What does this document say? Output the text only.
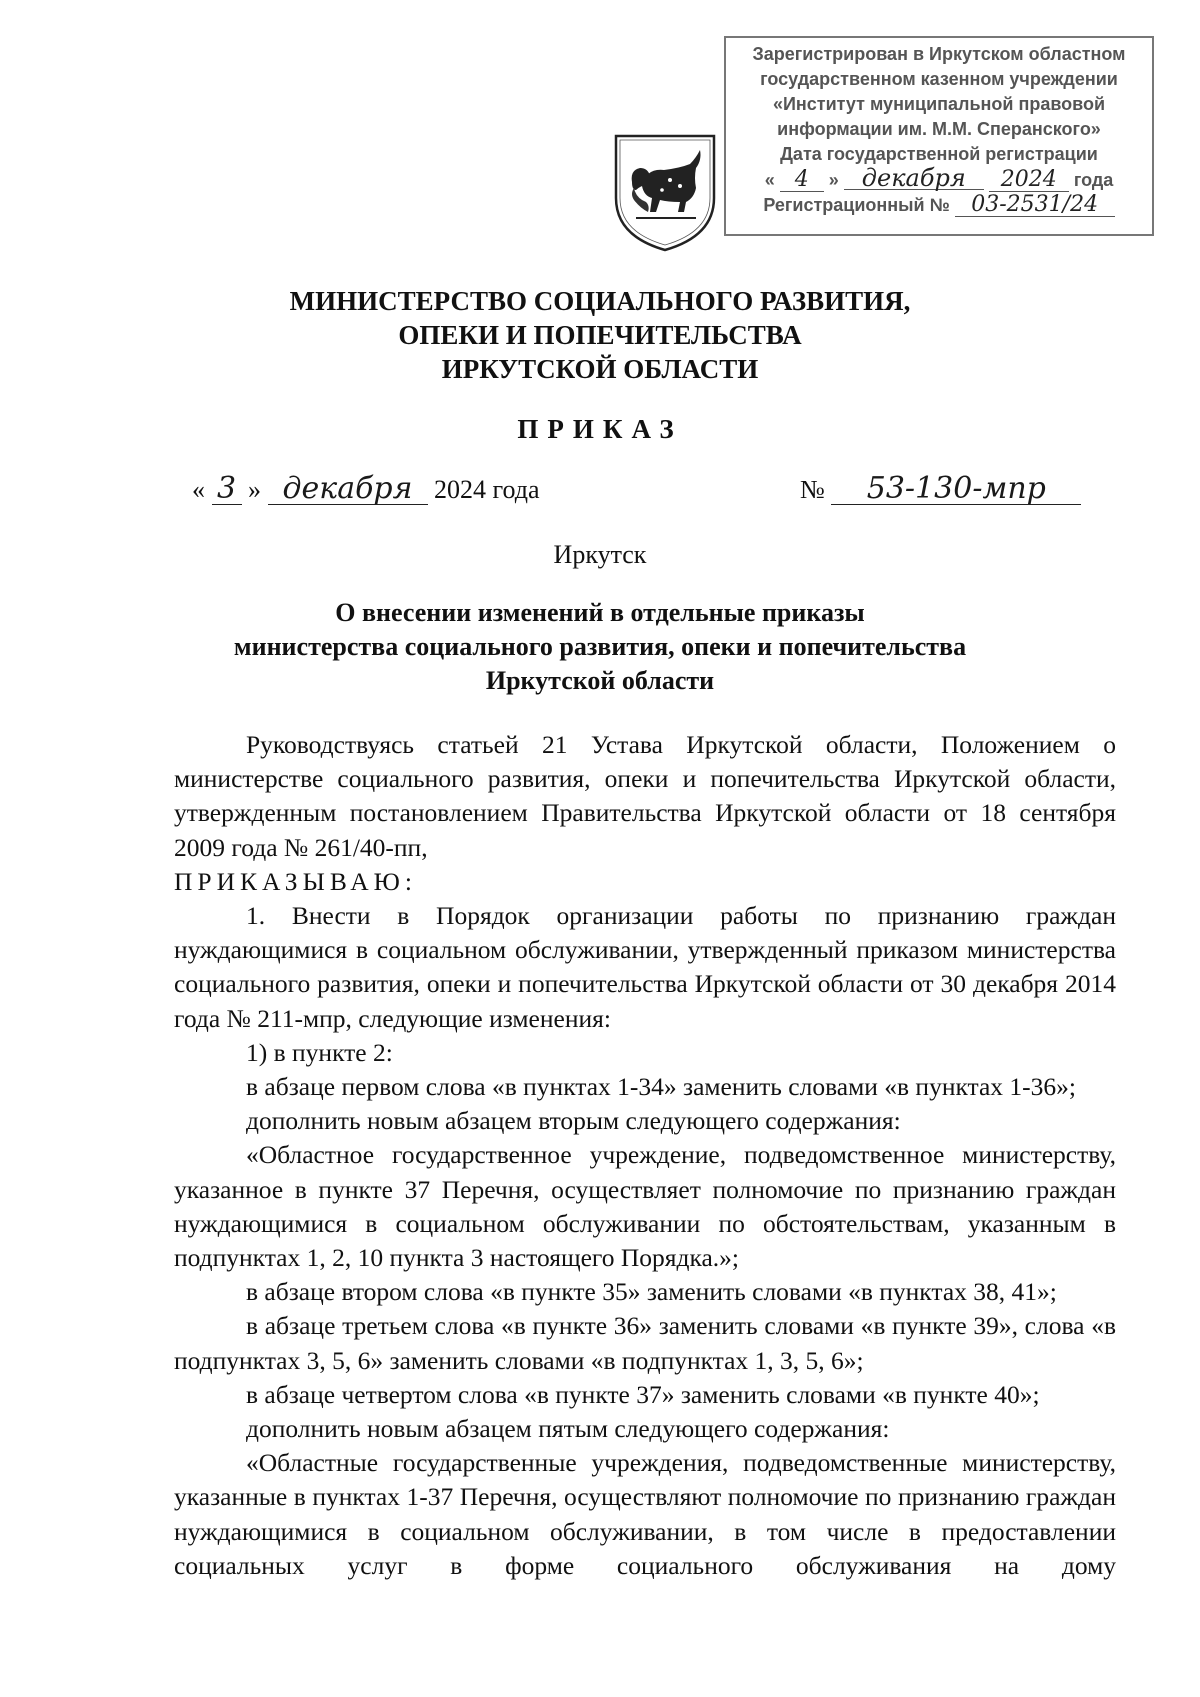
Зарегистрирован в Иркутском областном
государственном казенном учреждении
«Институт муниципальной правовой
информации им. М.М. Сперанского»
Дата государственной регистрации
« 4 » декабря 2024 года
Регистрационный № 03-2531/24
МИНИСТЕРСТВО СОЦИАЛЬНОГО РАЗВИТИЯ,
ОПЕКИ И ПОПЕЧИТЕЛЬСТВА
ИРКУТСКОЙ ОБЛАСТИ
ПРИКАЗ
« 3 » декабря 2024 года	№ 53-130-мпр
Иркутск
О внесении изменений в отдельные приказы
министерства социального развития, опеки и попечительства
Иркутской области

Руководствуясь статьей 21 Устава Иркутской области, Положением о министерстве социального развития, опеки и попечительства Иркутской области, утвержденным постановлением Правительства Иркутской области от 18 сентября 2009 года № 261/40-пп,

ПРИКАЗЫВАЮ:

1. Внести в Порядок организации работы по признанию граждан нуждающимися в социальном обслуживании, утвержденный приказом министерства социального развития, опеки и попечительства Иркутской области от 30 декабря 2014 года № 211-мпр, следующие изменения:

1) в пункте 2:

в абзаце первом слова «в пунктах 1-34» заменить словами «в пунктах 1-36»;

дополнить новым абзацем вторым следующего содержания:

«Областное государственное учреждение, подведомственное министерству, указанное в пункте 37 Перечня, осуществляет полномочие по признанию граждан нуждающимися в социальном обслуживании по обстоятельствам, указанным в подпунктах 1, 2, 10 пункта 3 настоящего Порядка.»;

в абзаце втором слова «в пункте 35» заменить словами «в пунктах 38, 41»;

в абзаце третьем слова «в пункте 36» заменить словами «в пункте 39», слова «в подпунктах 3, 5, 6» заменить словами «в подпунктах 1, 3, 5, 6»;

в абзаце четвертом слова «в пункте 37» заменить словами «в пункте 40»;

дополнить новым абзацем пятым следующего содержания:

«Областные государственные учреждения, подведомственные министерству, указанные в пунктах 1-37 Перечня, осуществляют полномочие по признанию граждан нуждающимися в социальном обслуживании, в том числе в предоставлении социальных услуг в форме социального обслуживания на дому
